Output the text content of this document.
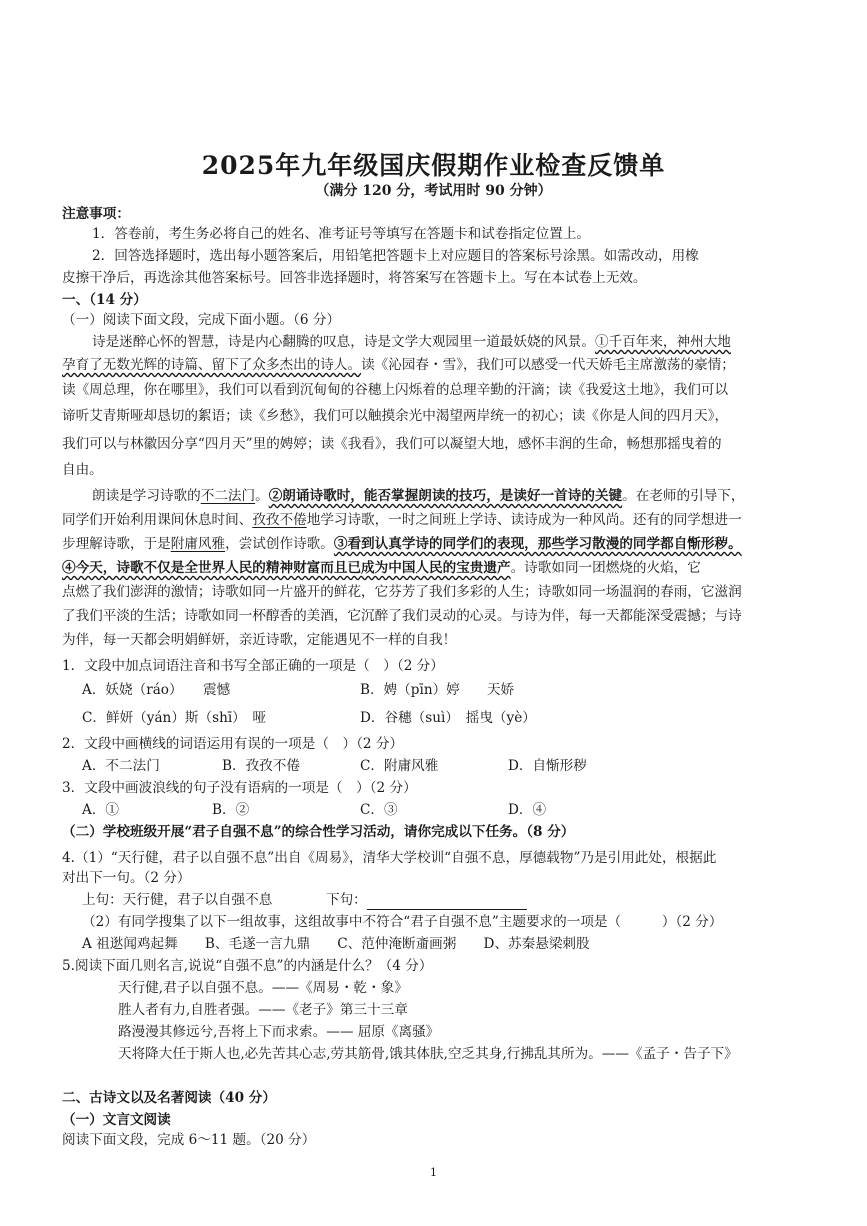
2025年九年级国庆假期作业检查反馈单
（满分 120 分，考试用时 90 分钟）
注意事项：
1．答卷前，考生务必将自己的姓名、准考证号等填写在答题卡和试卷指定位置上。
2．回答选择题时，选出每小题答案后，用铅笔把答题卡上对应题目的答案标号涂黑。如需改动，用橡
皮擦干净后，再选涂其他答案标号。回答非选择题时，将答案写在答题卡上。写在本试卷上无效。
一、（14 分）
（一）阅读下面文段，完成下面小题。（6 分）
诗是迷醉心怀的智慧，诗是内心翻腾的叹息，诗是文学大观园里一道最妖娆的风景。①千百年来，神州大地
孕育了无数光辉的诗篇、留下了众多杰出的诗人。读《沁园春・雪》，我们可以感受一代天娇毛主席激荡的豪情；
读《周总理，你在哪里》，我们可以看到沉甸甸的谷穗上闪烁着的总理辛勤的汗滴；读《我爱这土地》，我们可以
谛听艾青斯哑却恳切的絮语；读《乡愁》，我们可以触摸余光中渴望两岸统一的初心；读《你是人间的四月天》，
我们可以与林徽因分享“四月天”里的娉婷；读《我看》，我们可以凝望大地，感怀丰润的生命，畅想那摇曳着的
自由。
朗读是学习诗歌的不二法门。②朗诵诗歌时，能否掌握朗读的技巧，是读好一首诗的关键。在老师的引导下，
同学们开始利用课间休息时间、孜孜不倦地学习诗歌，一时之间班上学诗、读诗成为一种风尚。还有的同学想进一
步理解诗歌，于是附庸风雅，尝试创作诗歌。③看到认真学诗的同学们的表现，那些学习散漫的同学都自惭形秽。
④今天，诗歌不仅是全世界人民的精神财富而且已成为中国人民的宝贵遗产。诗歌如同一团燃烧的火焰，它
点燃了我们澎湃的激情；诗歌如同一片盛开的鲜花，它芬芳了我们多彩的人生；诗歌如同一场温润的春雨，它滋润
了我们平淡的生活；诗歌如同一杯醇香的美酒，它沉醉了我们灵动的心灵。与诗为伴，每一天都能深受震撼；与诗
为伴，每一天都会明娟鲜妍，亲近诗歌，定能遇见不一样的自我！
1．文段中加点词语注音和书写全部正确的一项是（　）（2 分）
A．妖娆（ráo）　　震憾	B．娉（pīn）婷　　天娇
C．鲜妍（yán）斯（shī）　哑	D．谷穗（suì）　摇曳（yè）
2．文段中画横线的词语运用有误的一项是（　）（2 分）
A．不二法门	B．孜孜不倦	C．附庸风雅	D．自惭形秽
3．文段中画波浪线的句子没有语病的一项是（　）（2 分）
A．①	B．②	C．③	D．④
（二）学校班级开展“君子自强不息”的综合性学习活动，请你完成以下任务。（8 分）
4.（1）“天行健，君子以自强不息”出自《周易》，清华大学校训“自强不息，厚德载物”乃是引用此处，根据此
对出下一句。（2 分）
上句：天行健，君子以自强不息	下句：
（2）有同学搜集了以下一组故事，这组故事中不符合“君子自强不息”主题要求的一项是（　　　）（2 分）
A 祖逖闻鸡起舞　　B、毛遂一言九鼎　　C、范仲淹断齑画粥　　D、苏秦悬梁刺股
5.阅读下面几则名言,说说“自强不息”的内涵是什么？（4 分）
天行健,君子以自强不息。——《周易・乾・象》
胜人者有力,自胜者强。——《老子》第三十三章
路漫漫其修远兮,吾将上下而求索。—— 屈原《离骚》
天将降大任于斯人也,必先苦其心志,劳其筋骨,饿其体肤,空乏其身,行拂乱其所为。——《孟子・告子下》
二、古诗文以及名著阅读（40 分）
（一）文言文阅读
阅读下面文段，完成 6～11 题。（20 分）
1
